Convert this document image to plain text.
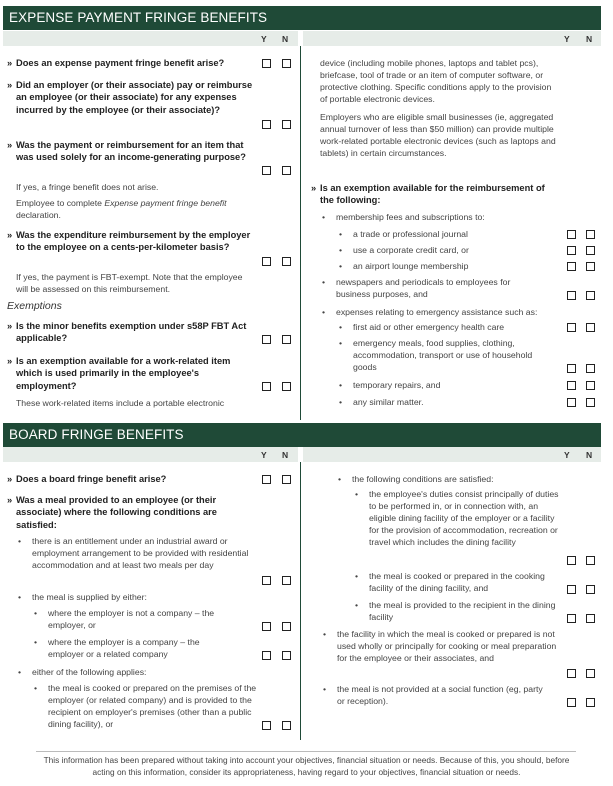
EXPENSE PAYMENT FRINGE BENEFITS
Y N	Y N
» Does an expense payment fringe benefit arise?
» Did an employer (or their associate) pay or reimburse an employee (or their associate) for any expenses incurred by the employee (or their associate)?
» Was the payment or reimbursement for an item that was used solely for an income-generating purpose?
If yes, a fringe benefit does not arise.
Employee to complete Expense payment fringe benefit declaration.
» Was the expenditure reimbursement by the employer to the employee on a cents-per-kilometer basis?
If yes, the payment is FBT-exempt. Note that the employee will be assessed on this reimbursement.
Exemptions
» Is the minor benefits exemption under s58P FBT Act applicable?
» Is an exemption available for a work-related item which is used primarily in the employee's employment?
These work-related items include a portable electronic
device (including mobile phones, laptops and tablet pcs), briefcase, tool of trade or an item of computer software, or protective clothing. Specific conditions apply to the provision of portable electronic devices.
Employers who are eligible small businesses (ie, aggregated annual turnover of less than $50 million) can provide multiple work-related portable electronic devices (such as laptops and tablets) in certain circumstances.
» Is an exemption available for the reimbursement of the following:
• membership fees and subscriptions to:
• a trade or professional journal
• use a corporate credit card, or
• an airport lounge membership
• newspapers and periodicals to employees for business purposes, and
• expenses relating to emergency assistance such as:
• first aid or other emergency health care
• emergency meals, food supplies, clothing, accommodation, transport or use of household goods
• temporary repairs, and
• any similar matter.
BOARD FRINGE BENEFITS
Y N	Y N
» Does a board fringe benefit arise?
» Was a meal provided to an employee (or their associate) where the following conditions are satisfied:
• there is an entitlement under an industrial award or employment arrangement to be provided with residential accommodation and at least two meals per day
• the meal is supplied by either:
• where the employer is not a company – the employer, or
• where the employer is a company – the employer or a related company
• either of the following applies:
• the meal is cooked or prepared on the premises of the employer (or related company) and is provided to the recipient on employer's premises (other than a public dining facility), or
• the following conditions are satisfied:
• the employee's duties consist principally of duties to be performed in, or in connection with, an eligible dining facility of the employer or a facility for the provision of accommodation, recreation or travel which includes the dining facility
• the meal is cooked or prepared in the cooking facility of the dining facility, and
• the meal is provided to the recipient in the dining facility
• the facility in which the meal is cooked or prepared is not used wholly or principally for cooking or meal preparation for the employee or their associates, and
• the meal is not provided at a social function (eg, party or reception).
This information has been prepared without taking into account your objectives, financial situation or needs. Because of this, you should, before acting on this information, consider its appropriateness, having regard to your objectives, financial situation or needs.
